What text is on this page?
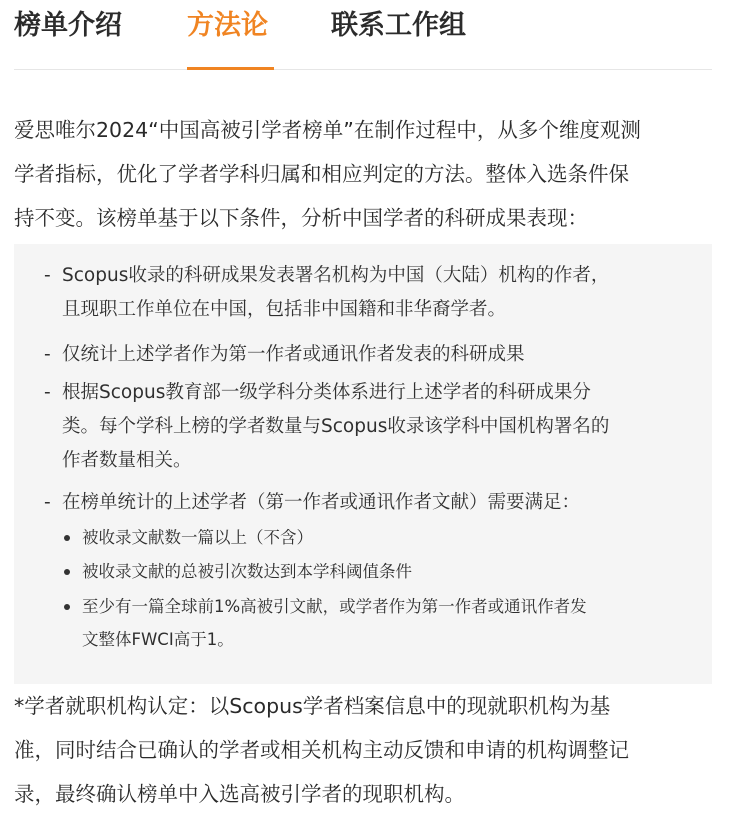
榜单介绍 方法论 联系工作组
爱思唯尔2024“中国高被引学者榜单”在制作过程中，从多个维度观测
学者指标，优化了学者学科归属和相应判定的方法。整体入选条件保
持不变。该榜单基于以下条件，分析中国学者的科研成果表现：
- Scopus收录的科研成果发表署名机构为中国（大陆）机构的作者，
且现职工作单位在中国，包括非中国籍和非华裔学者。
- 仅统计上述学者作为第一作者或通讯作者发表的科研成果
- 根据Scopus教育部一级学科分类体系进行上述学者的科研成果分
类。每个学科上榜的学者数量与Scopus收录该学科中国机构署名的
作者数量相关。
- 在榜单统计的上述学者（第一作者或通讯作者文献）需要满足：
被收录文献数一篇以上（不含）
被收录文献的总被引次数达到本学科阈值条件
至少有一篇全球前1%高被引文献，或学者作为第一作者或通讯作者发
文整体FWCI高于1。
*学者就职机构认定：以Scopus学者档案信息中的现就职机构为基
准，同时结合已确认的学者或相关机构主动反馈和申请的机构调整记
录，最终确认榜单中入选高被引学者的现职机构。
